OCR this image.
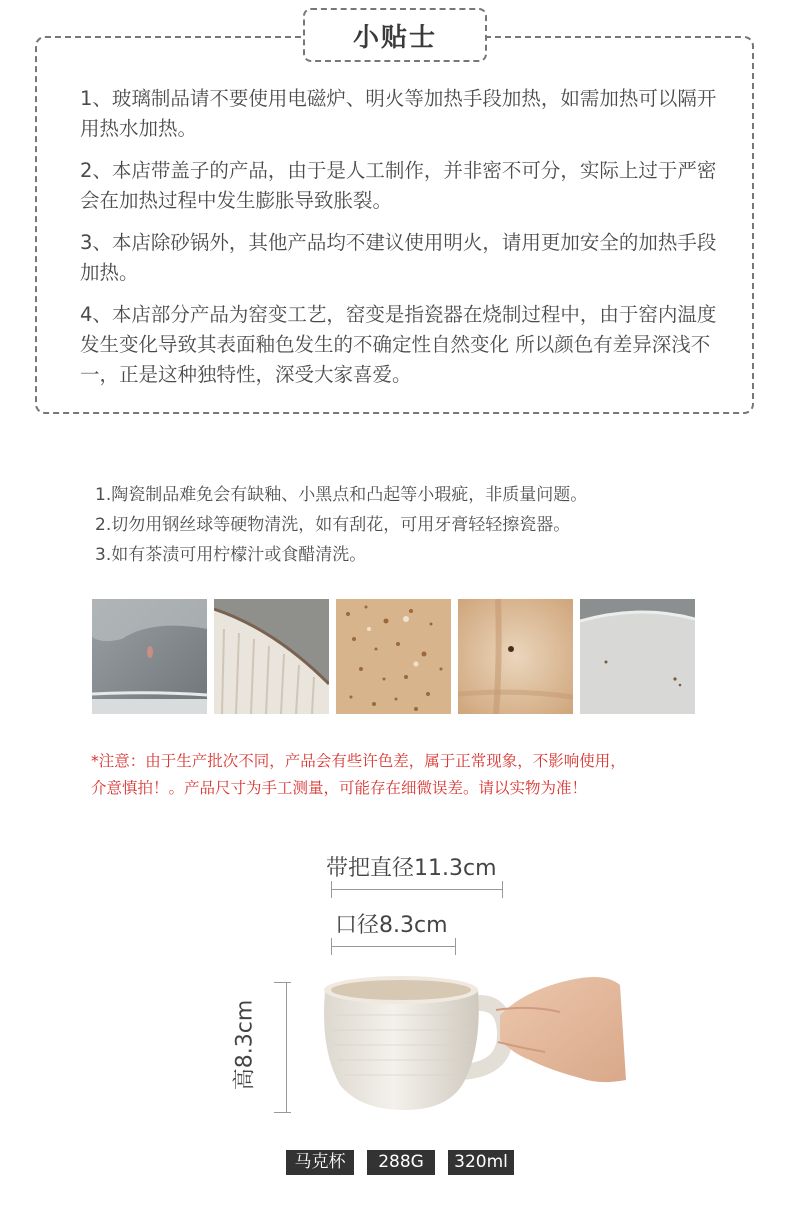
小贴士

1、玻璃制品请不要使用电磁炉、明火等加热手段加热，如需加热可以隔开用热水加热。

2、本店带盖子的产品，由于是人工制作，并非密不可分，实际上过于严密会在加热过程中发生膨胀导致胀裂。

3、本店除砂锅外，其他产品均不建议使用明火，请用更加安全的加热手段加热。

4、本店部分产品为窑变工艺，窑变是指瓷器在烧制过程中，由于窑内温度发生变化导致其表面釉色发生的不确定性自然变化 所以颜色有差异深浅不一，正是这种独特性，深受大家喜爱。

1.陶瓷制品难免会有缺釉、小黑点和凸起等小瑕疵，非质量问题。
2.切勿用钢丝球等硬物清洗，如有刮花，可用牙膏轻轻擦瓷器。
3.如有茶渍可用柠檬汁或食醋清洗。
*注意：由于生产批次不同，产品会有些许色差，属于正常现象，不影响使用，
介意慎拍！。产品尺寸为手工测量，可能存在细微误差。请以实物为准！
带把直径11.3cm
口径8.3cm
高8.3cm
马克杯	288G	320ml
